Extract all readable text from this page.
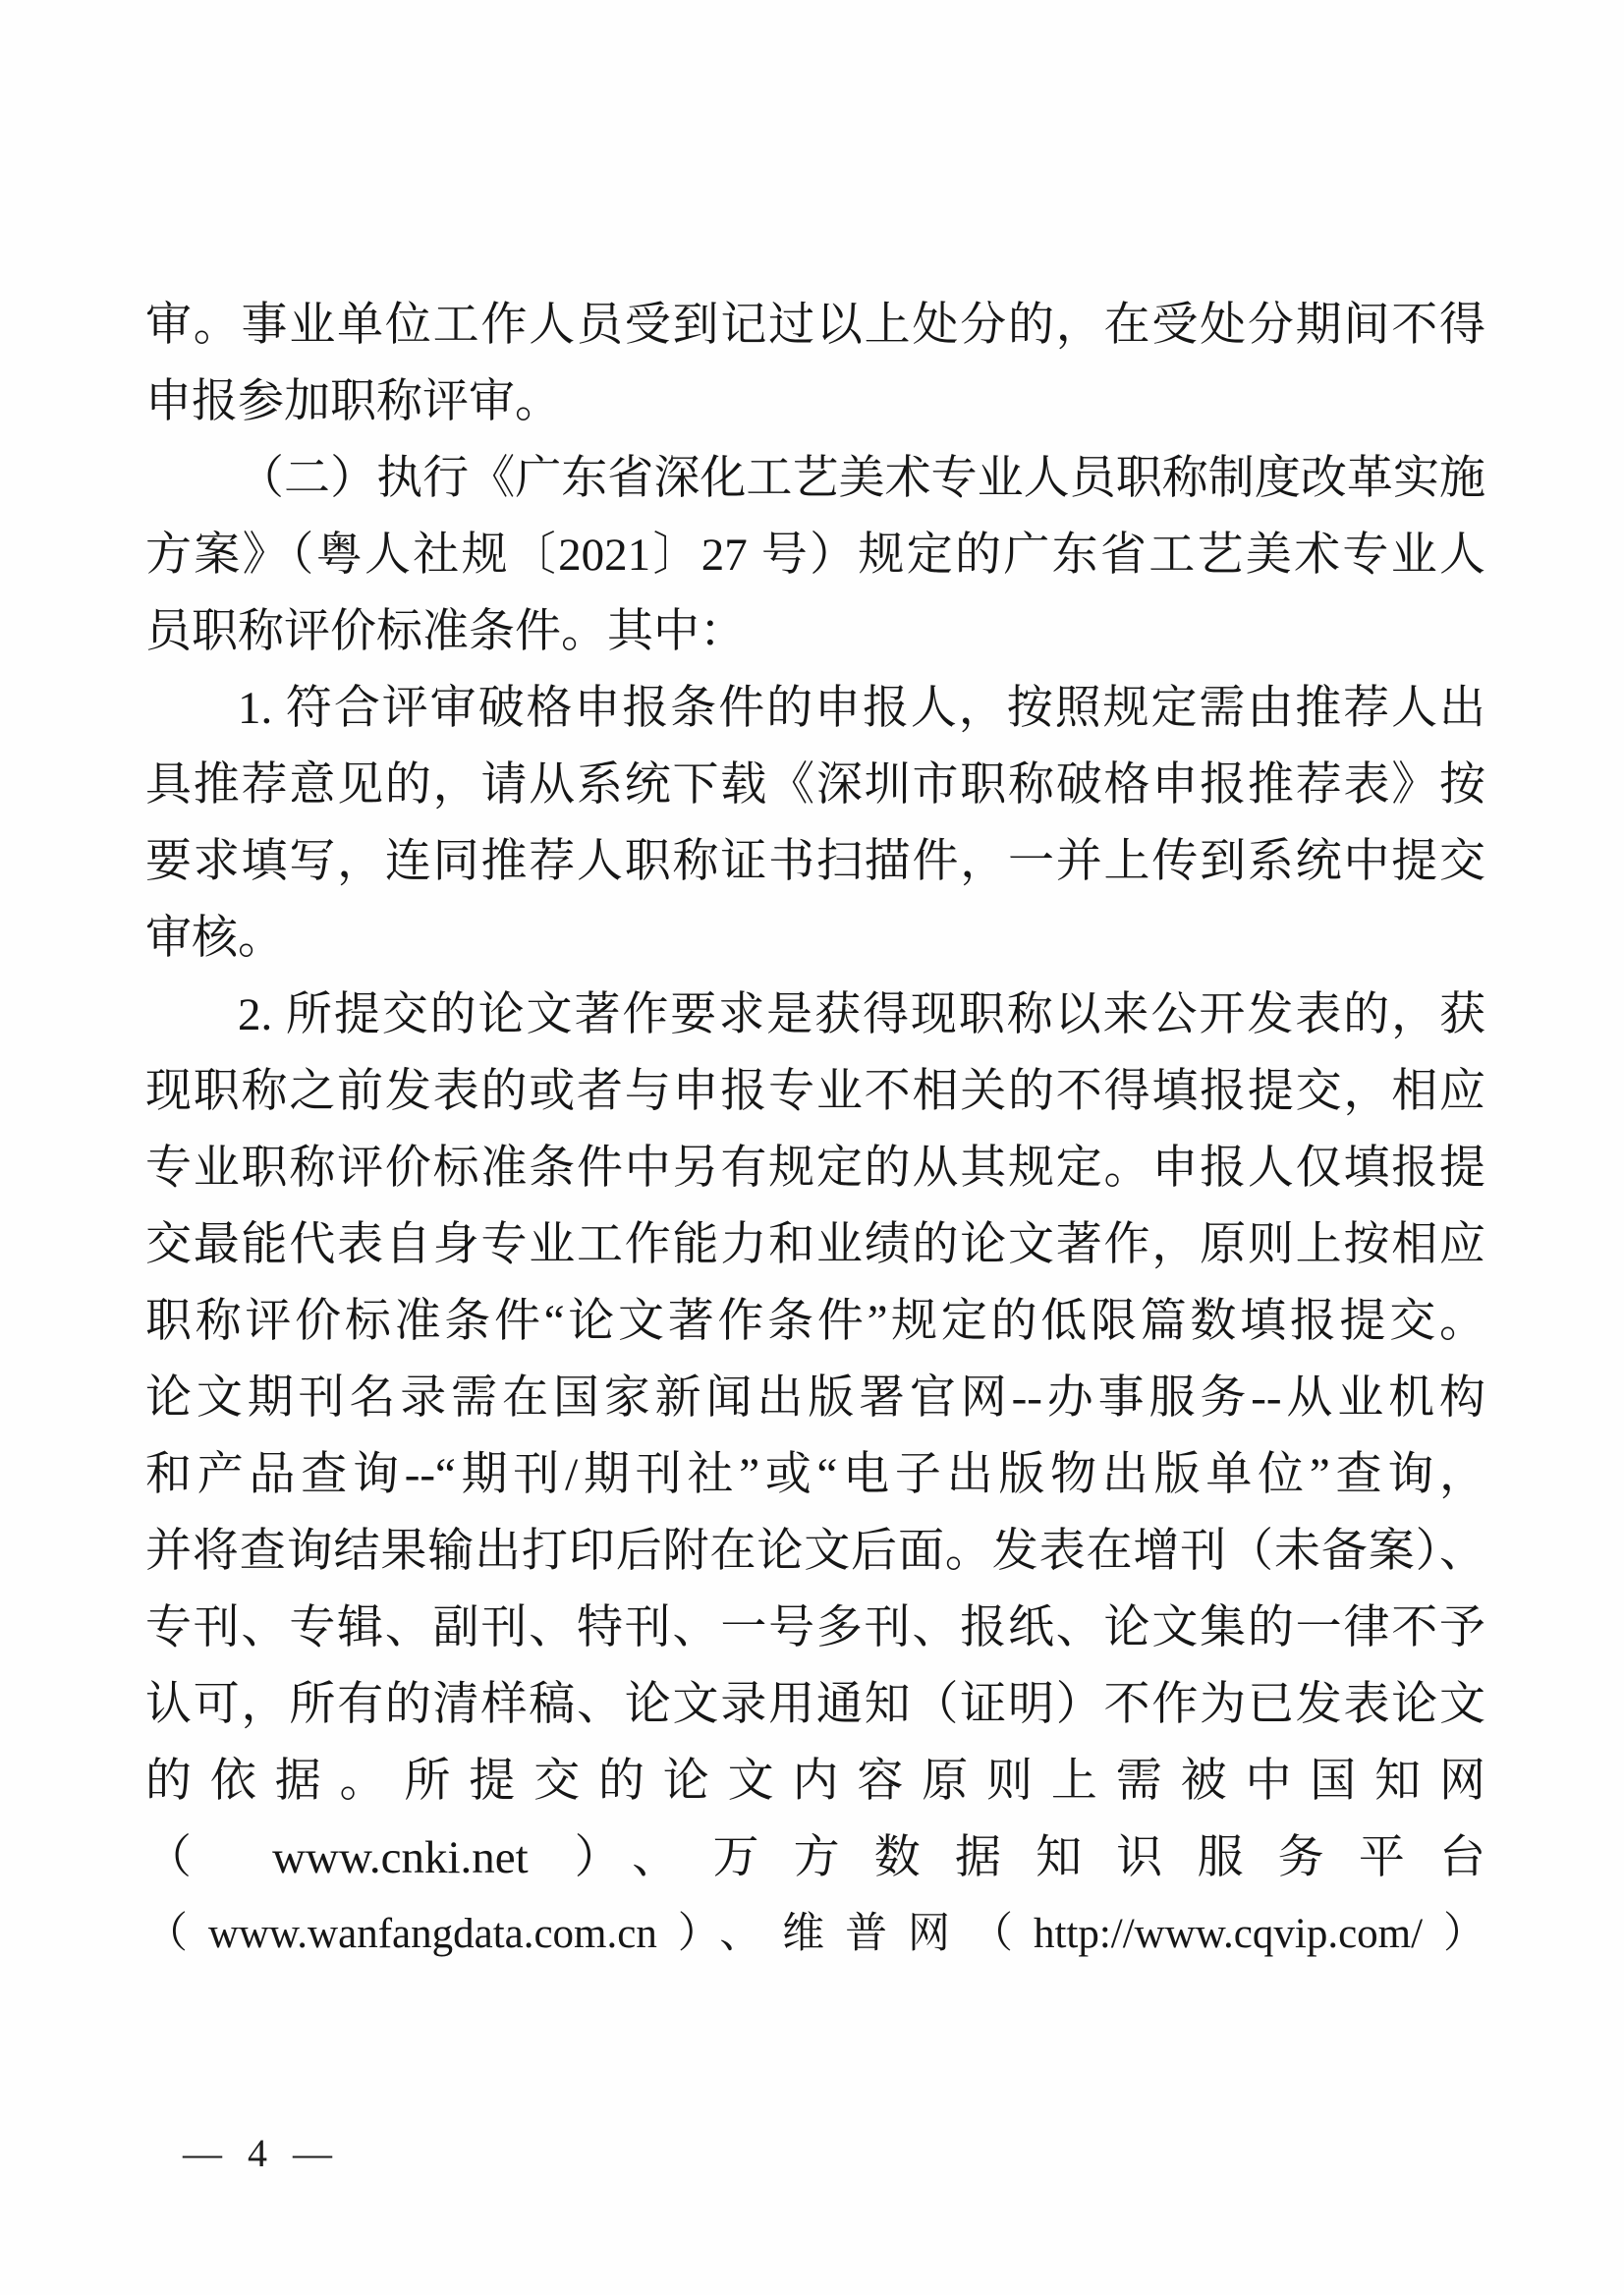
审。事业单位工作人员受到记过以上处分的，在受处分期间不得
申报参加职称评审。
（二）执行《广东省深化工艺美术专业人员职称制度改革实施
方案》（粤人社规〔2021〕27 号）规定的广东省工艺美术专业人
员职称评价标准条件。其中：
1. 符合评审破格申报条件的申报人，按照规定需由推荐人出
具推荐意见的，请从系统下载《深圳市职称破格申报推荐表》按
要求填写，连同推荐人职称证书扫描件，一并上传到系统中提交
审核。
2. 所提交的论文著作要求是获得现职称以来公开发表的，获
现职称之前发表的或者与申报专业不相关的不得填报提交，相应
专业职称评价标准条件中另有规定的从其规定。申报人仅填报提
交最能代表自身专业工作能力和业绩的论文著作，原则上按相应
职称评价标准条件“论文著作条件”规定的低限篇数填报提交。
论文期刊名录需在国家新闻出版署官网--办事服务--从业机构
和产品查询--“期刊/期刊社”或“电子出版物出版单位”查询，
并将查询结果输出打印后附在论文后面。发表在增刊（未备案）、
专刊、专辑、副刊、特刊、一号多刊、报纸、论文集的一律不予
认可，所有的清样稿、论文录用通知（证明）不作为已发表论文
的依据。所提交的论文内容原则上需被中国知网
（ www.cnki.net ）、万方数据知识服务平台
（www.wanfangdata.com.cn）、维普网（http://www.cqvip.com/）
— 4 —
